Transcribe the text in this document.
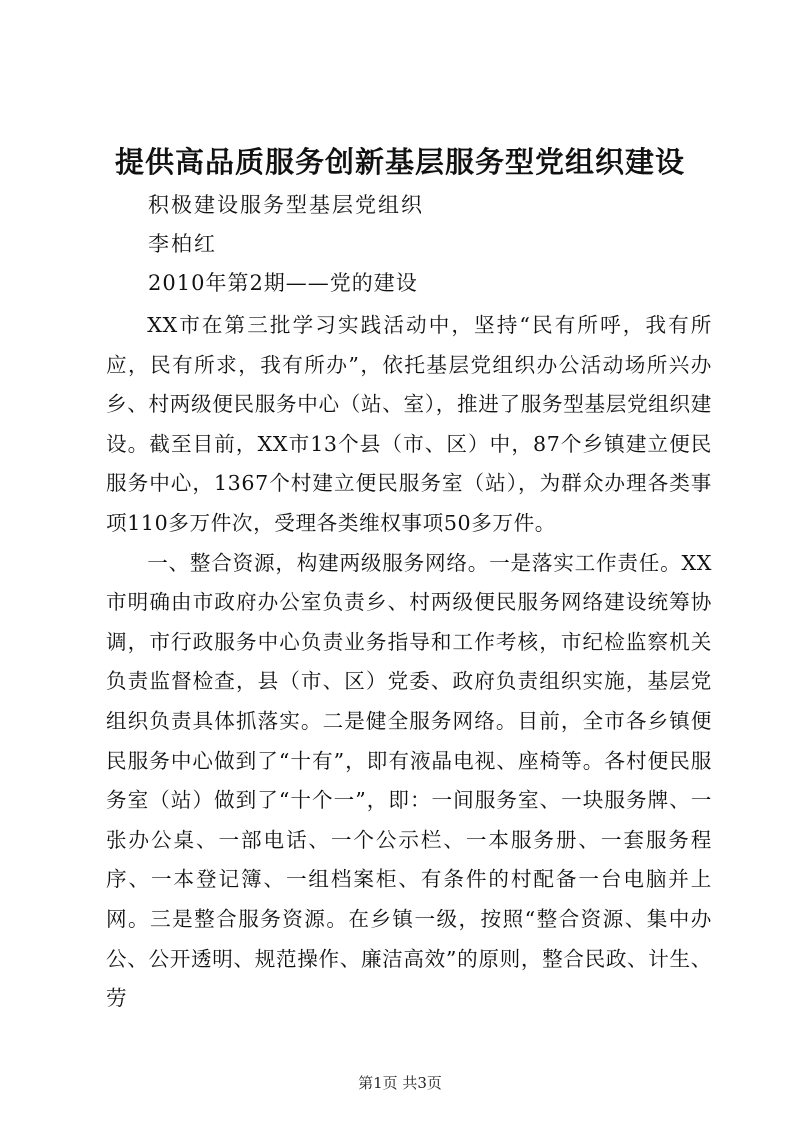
提供高品质服务创新基层服务型党组织建设

积极建设服务型基层党组织

李柏红

2010年第2期——党的建设

XX市在第三批学习实践活动中，坚持“民有所呼，我有所应，民有所求，我有所办”，依托基层党组织办公活动场所兴办乡、村两级便民服务中心（站、室），推进了服务型基层党组织建设。截至目前，XX市13个县（市、区）中，87个乡镇建立便民服务中心，1367个村建立便民服务室（站），为群众办理各类事项110多万件次，受理各类维权事项50多万件。

一、整合资源，构建两级服务网络。一是落实工作责任。XX市明确由市政府办公室负责乡、村两级便民服务网络建设统筹协调，市行政服务中心负责业务指导和工作考核，市纪检监察机关负责监督检查，县（市、区）党委、政府负责组织实施，基层党组织负责具体抓落实。二是健全服务网络。目前，全市各乡镇便民服务中心做到了“十有”，即有液晶电视、座椅等。各村便民服务室（站）做到了“十个一”，即：一间服务室、一块服务牌、一张办公桌、一部电话、一个公示栏、一本服务册、一套服务程序、一本登记簿、一组档案柜、有条件的村配备一台电脑并上网。三是整合服务资源。在乡镇一级，按照“整合资源、集中办公、公开透明、规范操作、廉洁高效”的原则，整合民政、计生、劳

第1页 共3页
